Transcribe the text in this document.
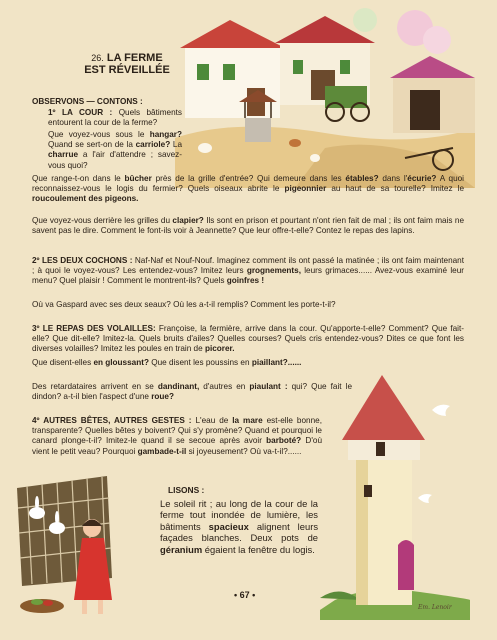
26. LA FERME
EST RÉVEILLÉE
OBSERVONS — CONTONS :
1º LA COUR : Quels bâtiments entourent la cour de la ferme?
Que voyez-vous sous le hangar? Quand se sert-on de la carriole? La charrue a l'air d'attendre ; savez-vous quoi?
Que range-t-on dans le bûcher près de la grille d'entrée? Qui demeure dans les étables? dans l'écurie? A quoi reconnaissez-vous le logis du fermier? Quels oiseaux abrite le pigeonnier au haut de sa tourelle? Imitez le roucoulement des pigeons.
Que voyez-vous derrière les grilles du clapier? Ils sont en prison et pourtant n'ont rien fait de mal ; ils ont faim mais ne savent pas le dire. Comment le font-ils voir à Jeannette? Que leur offre-t-elle? Contez le repas des lapins.
2º LES DEUX COCHONS : Naf-Naf et Nouf-Nouf. Imaginez comment ils ont passé la matinée ; ils ont faim maintenant ; à quoi le voyez-vous? Les entendez-vous? Imitez leurs grognements, leurs grimaces...... Avez-vous examiné leur menu? Quel plaisir ! Comment le montrent-ils? Quels goinfres !
Où va Gaspard avec ses deux seaux? Où les a-t-il remplis? Comment les porte-t-il?
3º LE REPAS DES VOLAILLES: Françoise, la fermière, arrive dans la cour. Qu'apporte-t-elle? Comment? Que fait-elle? Que dit-elle? Imitez-la. Quels bruits d'ailes? Quelles courses? Quels cris entendez-vous? Dites ce que font les diverses volailles? Imitez les poules en train de picorer.
Que disent-elles en gloussant? Que disent les poussins en piaillant?......
Des retardataires arrivent en se dandinant, d'autres en piaulant : qui? Que fait le dindon? a-t-il bien l'aspect d'une roue?
4º AUTRES BÊTES, AUTRES GESTES : L'eau de la mare est-elle bonne, transparente? Quelles bêtes y boivent? Qui s'y promène? Quand et pourquoi le canard plonge-t-il? Imitez-le quand il se secoue après avoir barboté? D'où vient le petit veau? Pourquoi gambade-t-il si joyeusement? Où va-t-il?......
LISONS :
Le soleil rit ; au long de la cour de la ferme tout inondée de lumière, les bâtiments spacieux alignent leurs façades blanches. Deux pots de géranium égaient la fenêtre du logis.
• 67 •
Em. Lenoir
